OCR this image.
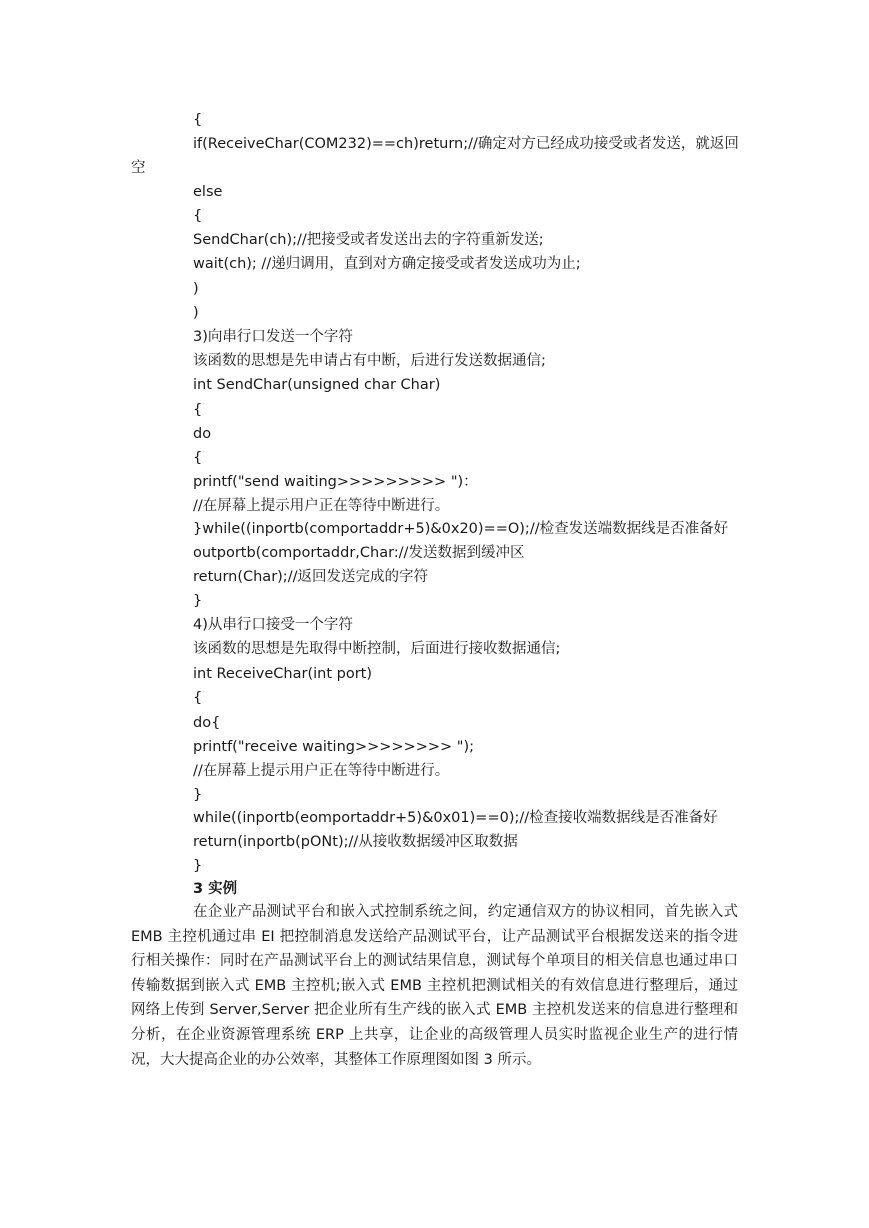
{
if(ReceiveChar(COM232)==ch)return;//确定对方已经成功接受或者发送，就返回
空
else
{
SendChar(ch);//把接受或者发送出去的字符重新发送;
wait(ch); //递归调用，直到对方确定接受或者发送成功为止;
)
)
3)向串行口发送一个字符
该函数的思想是先申请占有中断，后进行发送数据通信;
int SendChar(unsigned char Char)
{
do
{
printf("send waiting>>>>>>>>> ")：
//在屏幕上提示用户正在等待中断进行。
}while((inportb(comportaddr+5)&0x20)==O);//检查发送端数据线是否准备好
outportb(comportaddr,Char://发送数据到缓冲区
return(Char);//返回发送完成的字符
}
4)从串行口接受一个字符
该函数的思想是先取得中断控制，后面进行接收数据通信;
int ReceiveChar(int port)
{
do{
printf("receive waiting>>>>>>>> ");
//在屏幕上提示用户正在等待中断进行。
}
while((inportb(eomportaddr+5)&0x01)==0);//检查接收端数据线是否准备好
return(inportb(pONt);//从接收数据缓冲区取数据
}
3 实例
在企业产品测试平台和嵌入式控制系统之间，约定通信双方的协议相同，首先嵌入式 EMB 主控机通过串 EI 把控制消息发送给产品测试平台，让产品测试平台根据发送来的指令进行相关操作：同时在产品测试平台上的测试结果信息，测试每个单项目的相关信息也通过串口传输数据到嵌入式 EMB 主控机;嵌入式 EMB 主控机把测试相关的有效信息进行整理后，通过网络上传到 Server,Server 把企业所有生产线的嵌入式 EMB 主控机发送来的信息进行整理和分析，在企业资源管理系统 ERP 上共享，让企业的高级管理人员实时监视企业生产的进行情况，大大提高企业的办公效率，其整体工作原理图如图 3 所示。
